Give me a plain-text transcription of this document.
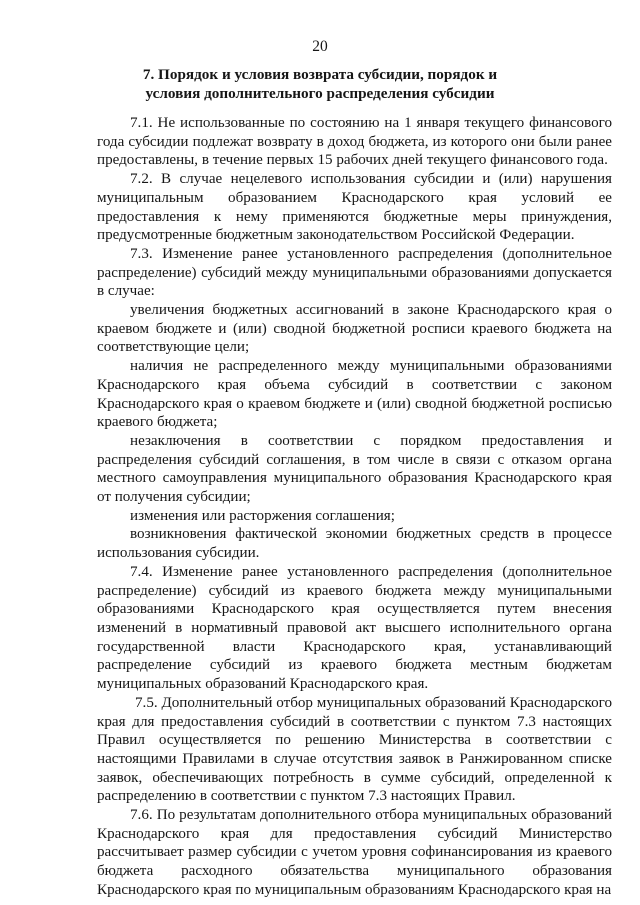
20
7. Порядок и условия возврата субсидии, порядок и условия дополнительного распределения субсидии

7.1. Не использованные по состоянию на 1 января текущего финансового года субсидии подлежат возврату в доход бюджета, из которого они были ранее предоставлены, в течение первых 15 рабочих дней текущего финансового года.

7.2. В случае нецелевого использования субсидии и (или) нарушения муниципальным образованием Краснодарского края условий ее предоставления к нему применяются бюджетные меры принуждения, предусмотренные бюджетным законодательством Российской Федерации.

7.3. Изменение ранее установленного распределения (дополнительное распределение) субсидий между муниципальными образованиями допускается в случае:

увеличения бюджетных ассигнований в законе Краснодарского края о краевом бюджете и (или) сводной бюджетной росписи краевого бюджета на соответствующие цели;

наличия не распределенного между муниципальными образованиями Краснодарского края объема субсидий в соответствии с законом Краснодарского края о краевом бюджете и (или) сводной бюджетной росписью краевого бюджета;

незаключения в соответствии с порядком предоставления и распределения субсидий соглашения, в том числе в связи с отказом органа местного самоуправления муниципального образования Краснодарского края от получения субсидии;

изменения или расторжения соглашения;

возникновения фактической экономии бюджетных средств в процессе использования субсидии.

7.4. Изменение ранее установленного распределения (дополнительное распределение) субсидий из краевого бюджета между муниципальными образованиями Краснодарского края осуществляется путем внесения изменений в нормативный правовой акт высшего исполнительного органа государственной власти Краснодарского края, устанавливающий распределение субсидий из краевого бюджета местным бюджетам муниципальных образований Краснодарского края.

7.5. Дополнительный отбор муниципальных образований Краснодарского края для предоставления субсидий в соответствии с пунктом 7.3 настоящих Правил осуществляется по решению Министерства в соответствии с настоящими Правилами в случае отсутствия заявок в Ранжированном списке заявок, обеспечивающих потребность в сумме субсидий, определенной к распределению в соответствии с пунктом 7.3 настоящих Правил.

7.6. По результатам дополнительного отбора муниципальных образований Краснодарского края для предоставления субсидий Министерство рассчитывает размер субсидии с учетом уровня софинансирования из краевого бюджета расходного обязательства муниципального образования Краснодарского края по муниципальным образованиям Краснодарского края на
